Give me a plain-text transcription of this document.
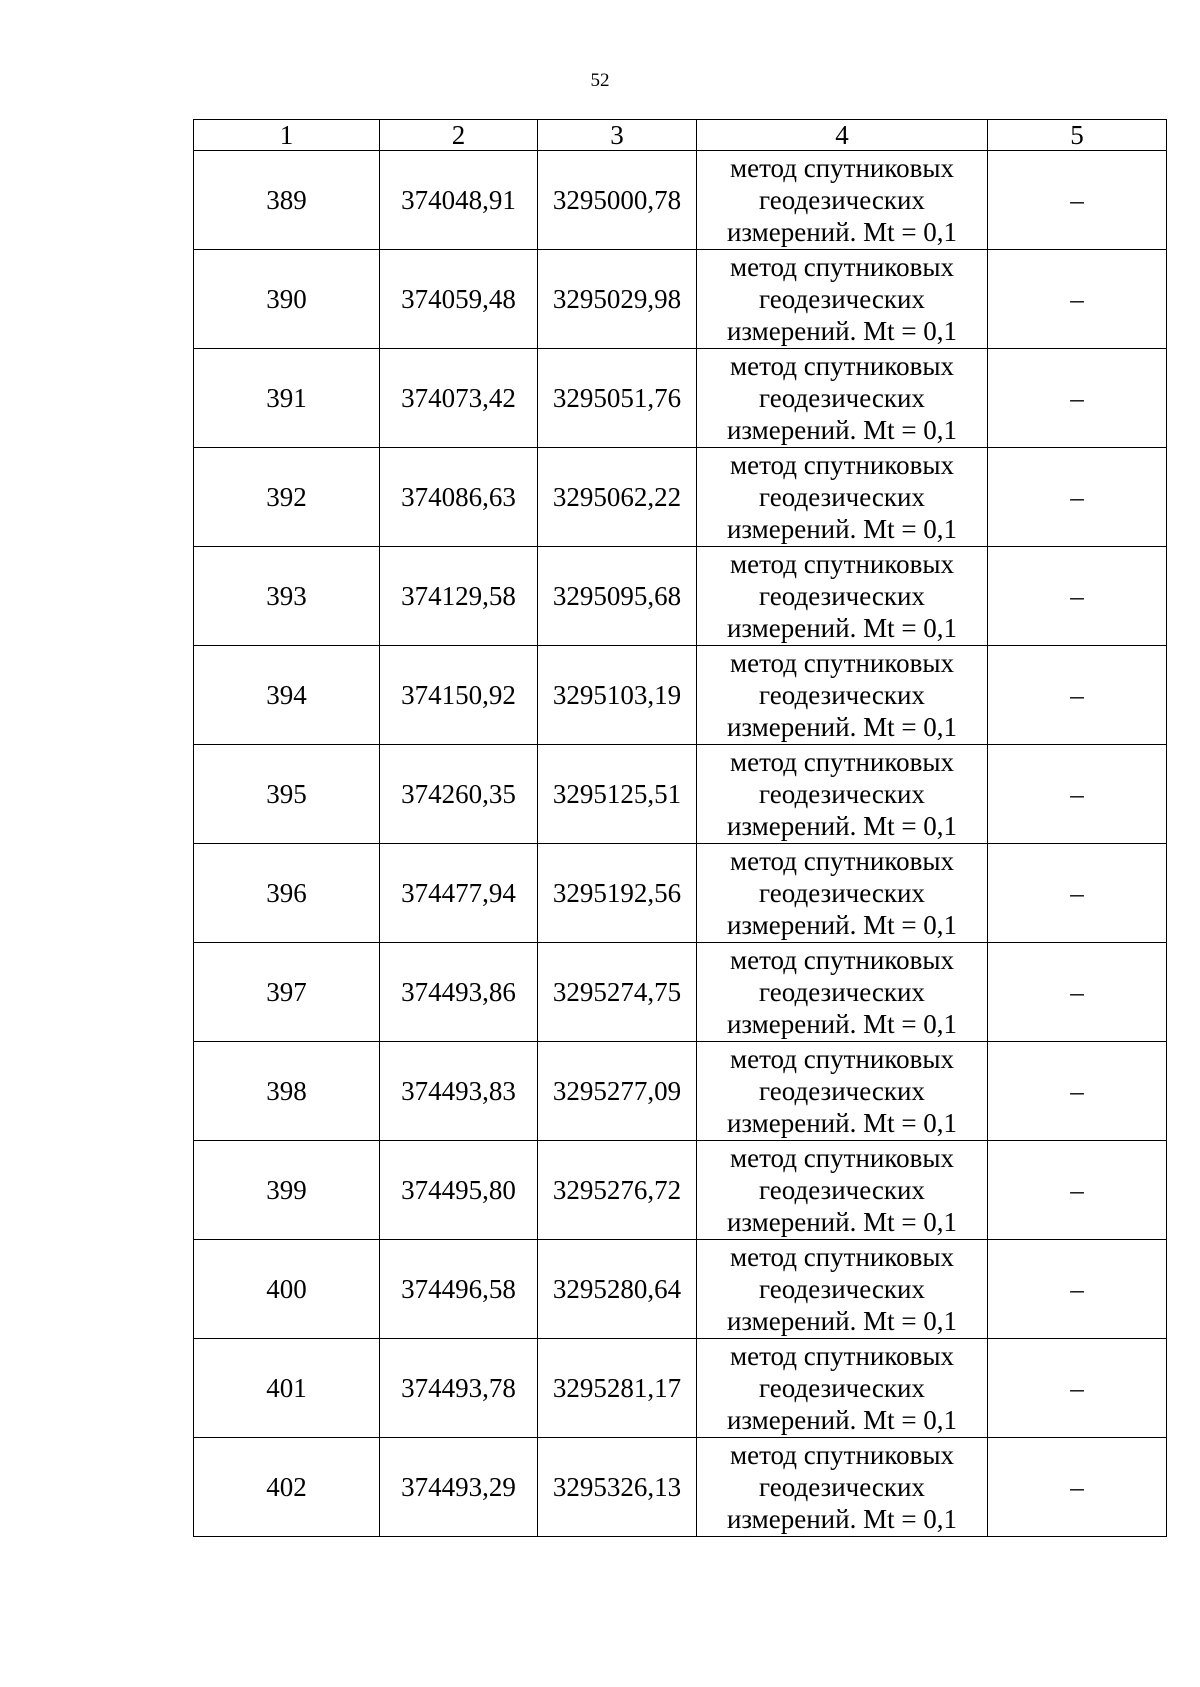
52
1	2	3	4	5
389	374048,91	3295000,78	метод спутниковых
геодезических
измерений. Mt = 0,1	–
390	374059,48	3295029,98	метод спутниковых
геодезических
измерений. Mt = 0,1	–
391	374073,42	3295051,76	метод спутниковых
геодезических
измерений. Mt = 0,1	–
392	374086,63	3295062,22	метод спутниковых
геодезических
измерений. Mt = 0,1	–
393	374129,58	3295095,68	метод спутниковых
геодезических
измерений. Mt = 0,1	–
394	374150,92	3295103,19	метод спутниковых
геодезических
измерений. Mt = 0,1	–
395	374260,35	3295125,51	метод спутниковых
геодезических
измерений. Mt = 0,1	–
396	374477,94	3295192,56	метод спутниковых
геодезических
измерений. Mt = 0,1	–
397	374493,86	3295274,75	метод спутниковых
геодезических
измерений. Mt = 0,1	–
398	374493,83	3295277,09	метод спутниковых
геодезических
измерений. Mt = 0,1	–
399	374495,80	3295276,72	метод спутниковых
геодезических
измерений. Mt = 0,1	–
400	374496,58	3295280,64	метод спутниковых
геодезических
измерений. Mt = 0,1	–
401	374493,78	3295281,17	метод спутниковых
геодезических
измерений. Mt = 0,1	–
402	374493,29	3295326,13	метод спутниковых
геодезических
измерений. Mt = 0,1	–
